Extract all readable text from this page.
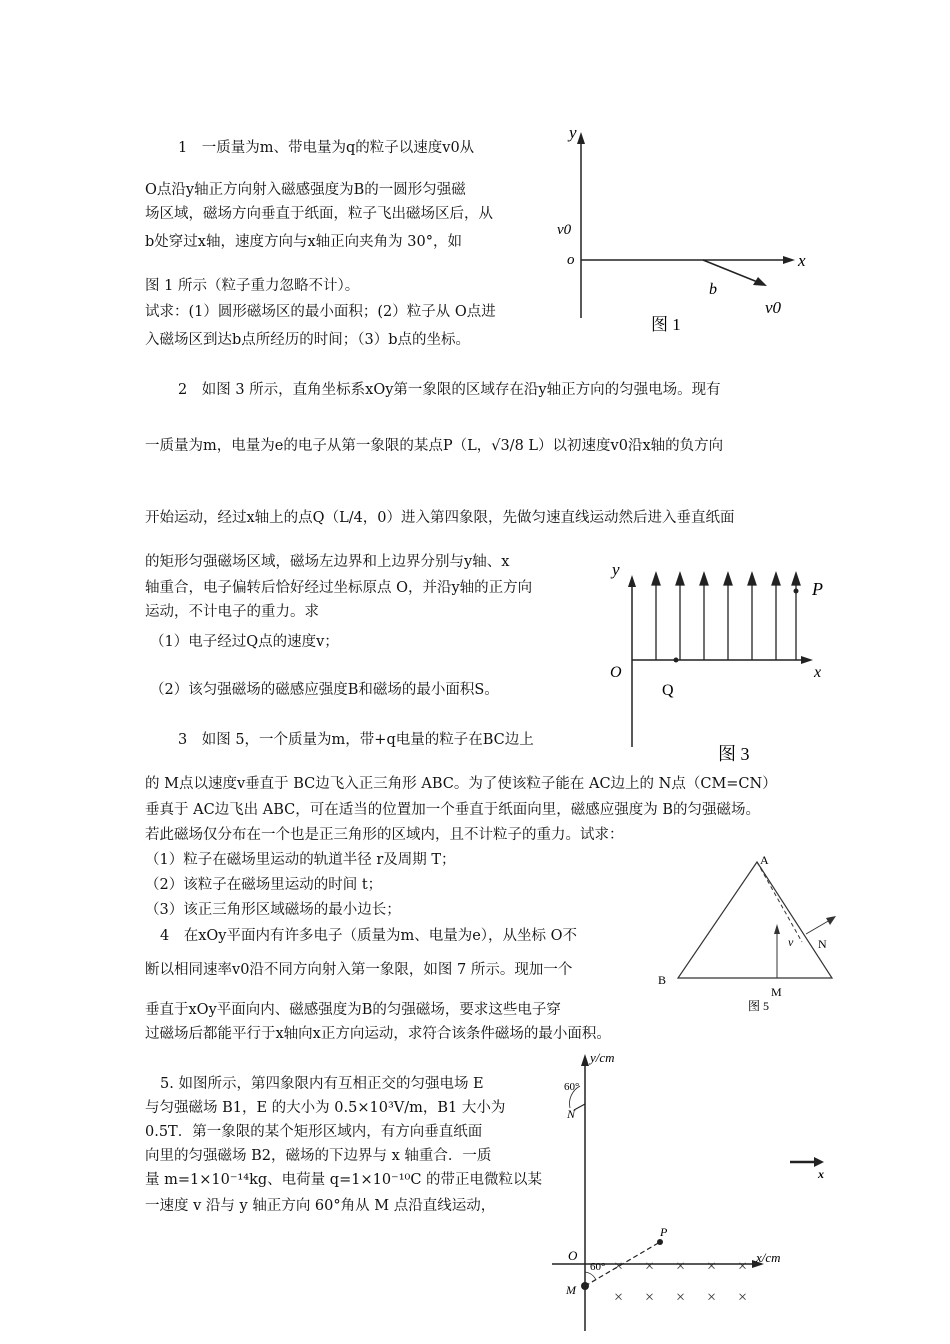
1　一质量为m、带电量为q的粒子以速度v0从
O点沿y轴正方向射入磁感强度为B的一圆形匀强磁
场区域，磁场方向垂直于纸面，粒子飞出磁场区后，从
b处穿过x轴，速度方向与x轴正向夹角为 30°，如
图 1 所示（粒子重力忽略不计）。
试求：(1）圆形磁场区的最小面积；(2）粒子从 O点进
入磁场区到达b点所经历的时间；（3）b点的坐标。
y
x
v0
o
b
v0
图 1
2　如图 3 所示，直角坐标系xOy第一象限的区域存在沿y轴正方向的匀强电场。现有
一质量为m，电量为e的电子从第一象限的某点P（L，√3/8 L）以初速度v0沿x轴的负方向
开始运动，经过x轴上的点Q（L/4，0）进入第四象限，先做匀速直线运动然后进入垂直纸面
的矩形匀强磁场区域，磁场左边界和上边界分别与y轴、x
轴重合，电子偏转后恰好经过坐标原点 O，并沿y轴的正方向
运动，不计电子的重力。求
（1）电子经过Q点的速度v；
（2）该匀强磁场的磁感应强度B和磁场的最小面积S。
y
x
O
Q
P
图 3
3　如图 5，一个质量为m，带+q电量的粒子在BC边上
的 M点以速度v垂直于 BC边飞入正三角形 ABC。为了使该粒子能在 AC边上的 N点（CM=CN）
垂真于 AC边飞出 ABC，可在适当的位置加一个垂直于纸面向里，磁感应强度为 B的匀强磁场。
若此磁场仅分布在一个也是正三角形的区域内，且不计粒子的重力。试求：
（1）粒子在磁场里运动的轨道半径 r及周期 T；
（2）该粒子在磁场里运动的时间 t；
（3）该正三角形区域磁场的最小边长；
A
B
M
N
v
图 5
4　在xOy平面内有许多电子（质量为m、电量为e），从坐标 O不
断以相同速率v0沿不同方向射入第一象限，如图 7 所示。现加一个
垂直于xOy平面向内、磁感强度为B的匀强磁场，要求这些电子穿
过磁场后都能平行于x轴向x正方向运动，求符合该条件磁场的最小面积。
5. 如图所示，第四象限内有互相正交的匀强电场 E
与匀强磁场 B1，E 的大小为 0.5×10³V/m，B1 大小为
0.5T．第一象限的某个矩形区域内，有方向垂直纸面
向里的匀强磁场 B2，磁场的下边界与 x 轴重合．一质
量 m=1×10⁻¹⁴kg、电荷量 q=1×10⁻¹⁰C 的带正电微粒以某
一速度 v 沿与 y 轴正方向 60°角从 M 点沿直线运动，
× × × × ×
× × × × ×
y/cm
x/cm
O
M
N
P
60°
60°
x
